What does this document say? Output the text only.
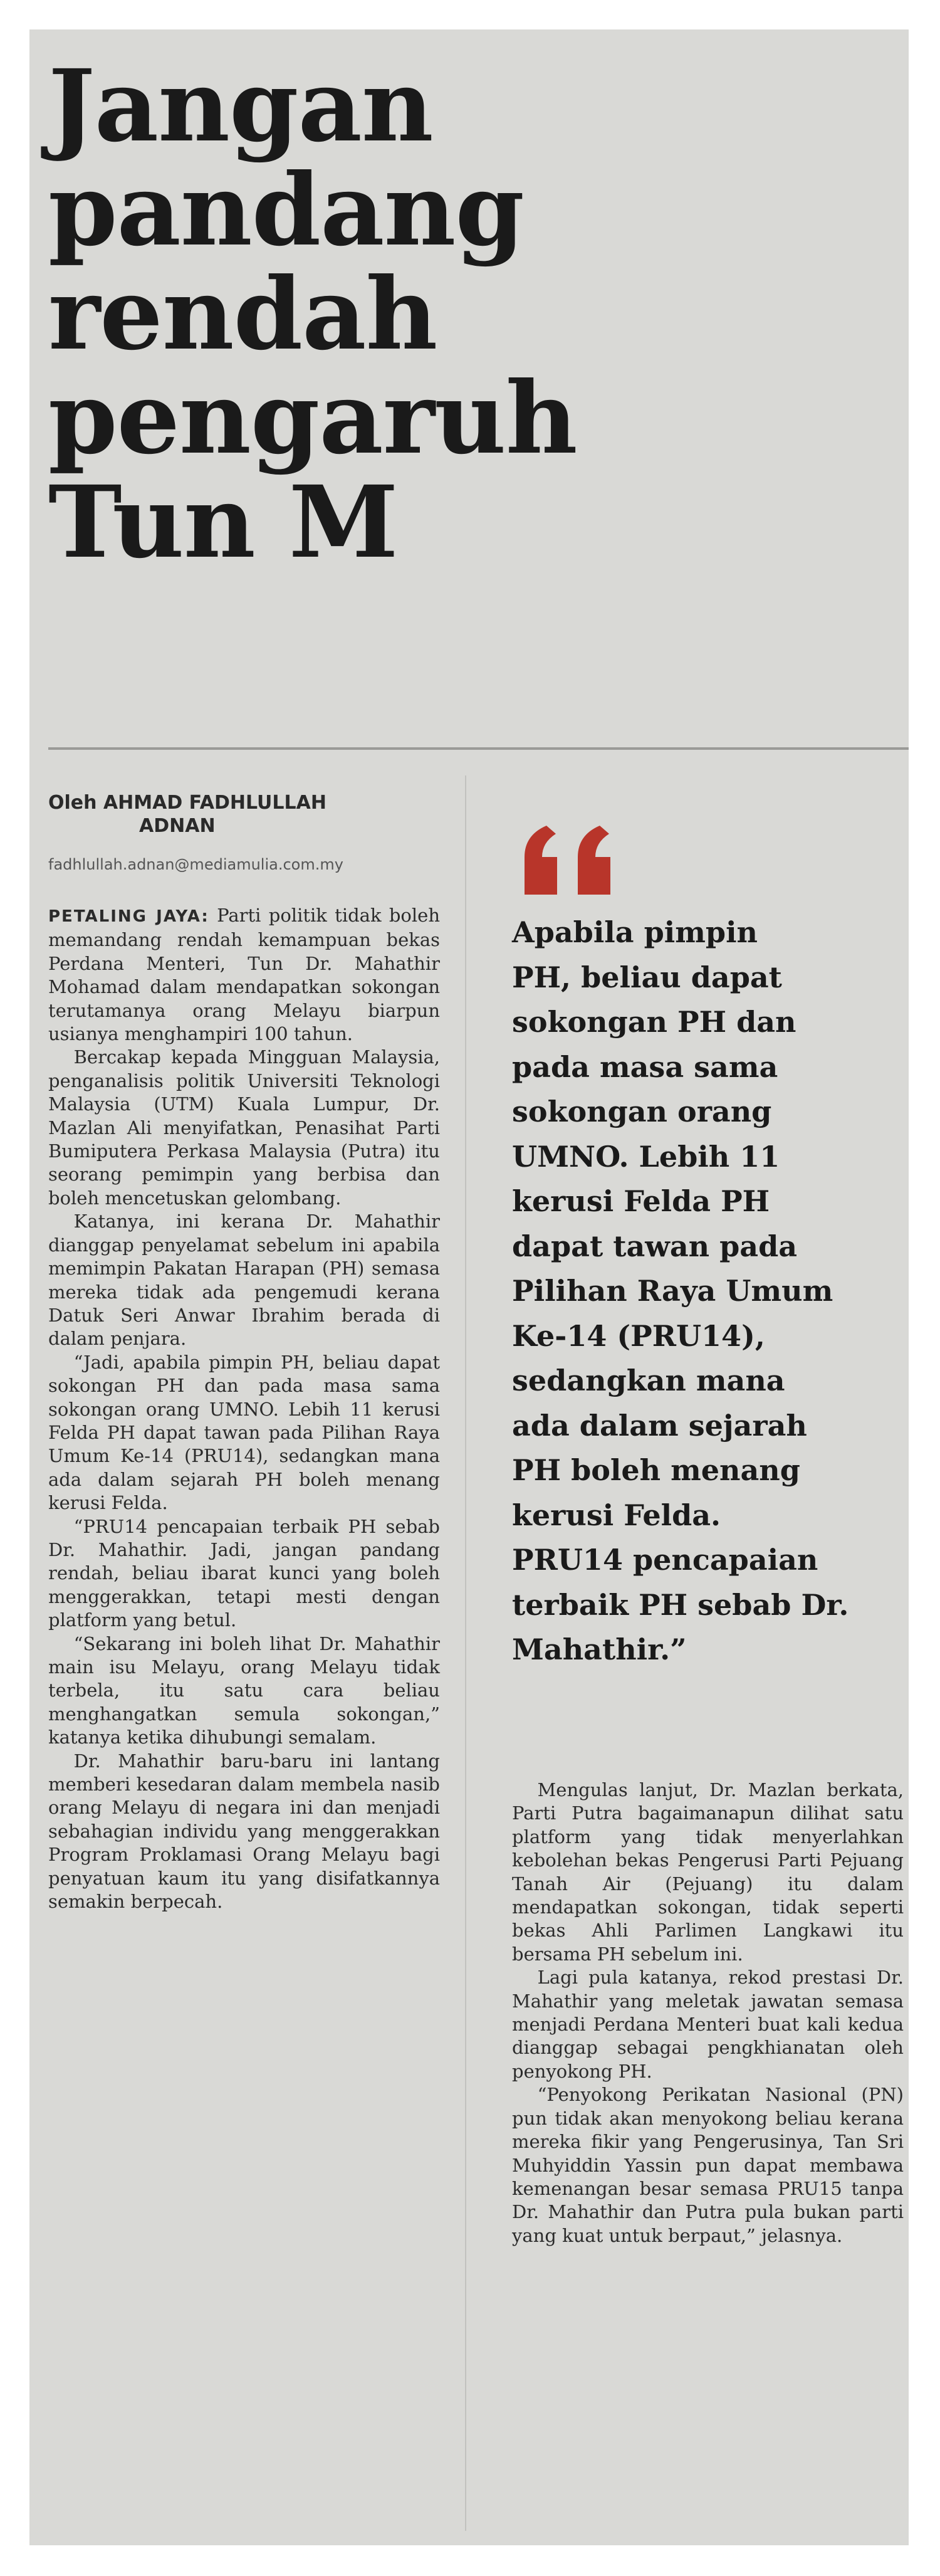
Jangan
pandang
rendah
pengaruh
Tun M
Oleh AHMAD FADHLULLAH
ADNAN
fadhlullah.adnan@mediamulia.com.my

PETALING JAYA: Parti politik tidak boleh memandang rendah kemampuan bekas Perdana Menteri, Tun Dr. Mahathir Mohamad dalam mendapatkan sokongan terutamanya orang Melayu biarpun usianya menghampiri 100 tahun.

Bercakap kepada Mingguan Malaysia, penganalisis politik Universiti Teknologi Malaysia (UTM) Kuala Lumpur, Dr. Mazlan Ali menyifatkan, Penasihat Parti Bumiputera Perkasa Malaysia (Putra) itu seorang pemimpin yang berbisa dan boleh mencetuskan gelombang.

Katanya, ini kerana Dr. Mahathir dianggap penyelamat sebelum ini apabila memimpin Pakatan Harapan (PH) semasa mereka tidak ada pengemudi kerana Datuk Seri Anwar Ibrahim berada di dalam penjara.

“Jadi, apabila pimpin PH, beliau dapat sokongan PH dan pada masa sama sokongan orang UMNO. Lebih 11 kerusi Felda PH dapat tawan pada Pilihan Raya Umum Ke-14 (PRU14), sedangkan mana ada dalam sejarah PH boleh menang kerusi Felda.

“PRU14 pencapaian terbaik PH sebab Dr. Mahathir. Jadi, jangan pandang rendah, beliau ibarat kunci yang boleh menggerakkan, tetapi mesti dengan platform yang betul.

“Sekarang ini boleh lihat Dr. Mahathir main isu Melayu, orang Melayu tidak terbela, itu satu cara beliau menghangatkan semula sokongan,” katanya ketika dihubungi semalam.

Dr. Mahathir baru-baru ini lantang memberi kesedaran dalam membela nasib orang Melayu di negara ini dan menjadi sebahagian individu yang menggerakkan Program Proklamasi Orang Melayu bagi penyatuan kaum itu yang disifatkannya semakin berpecah.

Apabila pimpin
PH, beliau dapat
sokongan PH dan
pada masa sama
sokongan orang
UMNO. Lebih 11
kerusi Felda PH
dapat tawan pada
Pilihan Raya Umum
Ke-14 (PRU14),
sedangkan mana
ada dalam sejarah
PH boleh menang
kerusi Felda.
PRU14 pencapaian
terbaik PH sebab Dr.
Mahathir.”

Mengulas lanjut, Dr. Mazlan berkata, Parti Putra bagaimanapun dilihat satu platform yang tidak menyerlahkan kebolehan bekas Pengerusi Parti Pejuang Tanah Air (Pejuang) itu dalam mendapatkan sokongan, tidak seperti bekas Ahli Parlimen Langkawi itu bersama PH sebelum ini.

Lagi pula katanya, rekod prestasi Dr. Mahathir yang meletak jawatan semasa menjadi Perdana Menteri buat kali kedua dianggap sebagai pengkhianatan oleh penyokong PH.

“Penyokong Perikatan Nasional (PN) pun tidak akan menyokong beliau kerana mereka fikir yang Pengerusinya, Tan Sri Muhyiddin Yassin pun dapat membawa kemenangan besar semasa PRU15 tanpa Dr. Mahathir dan Putra pula bukan parti yang kuat untuk berpaut,” jelasnya.
